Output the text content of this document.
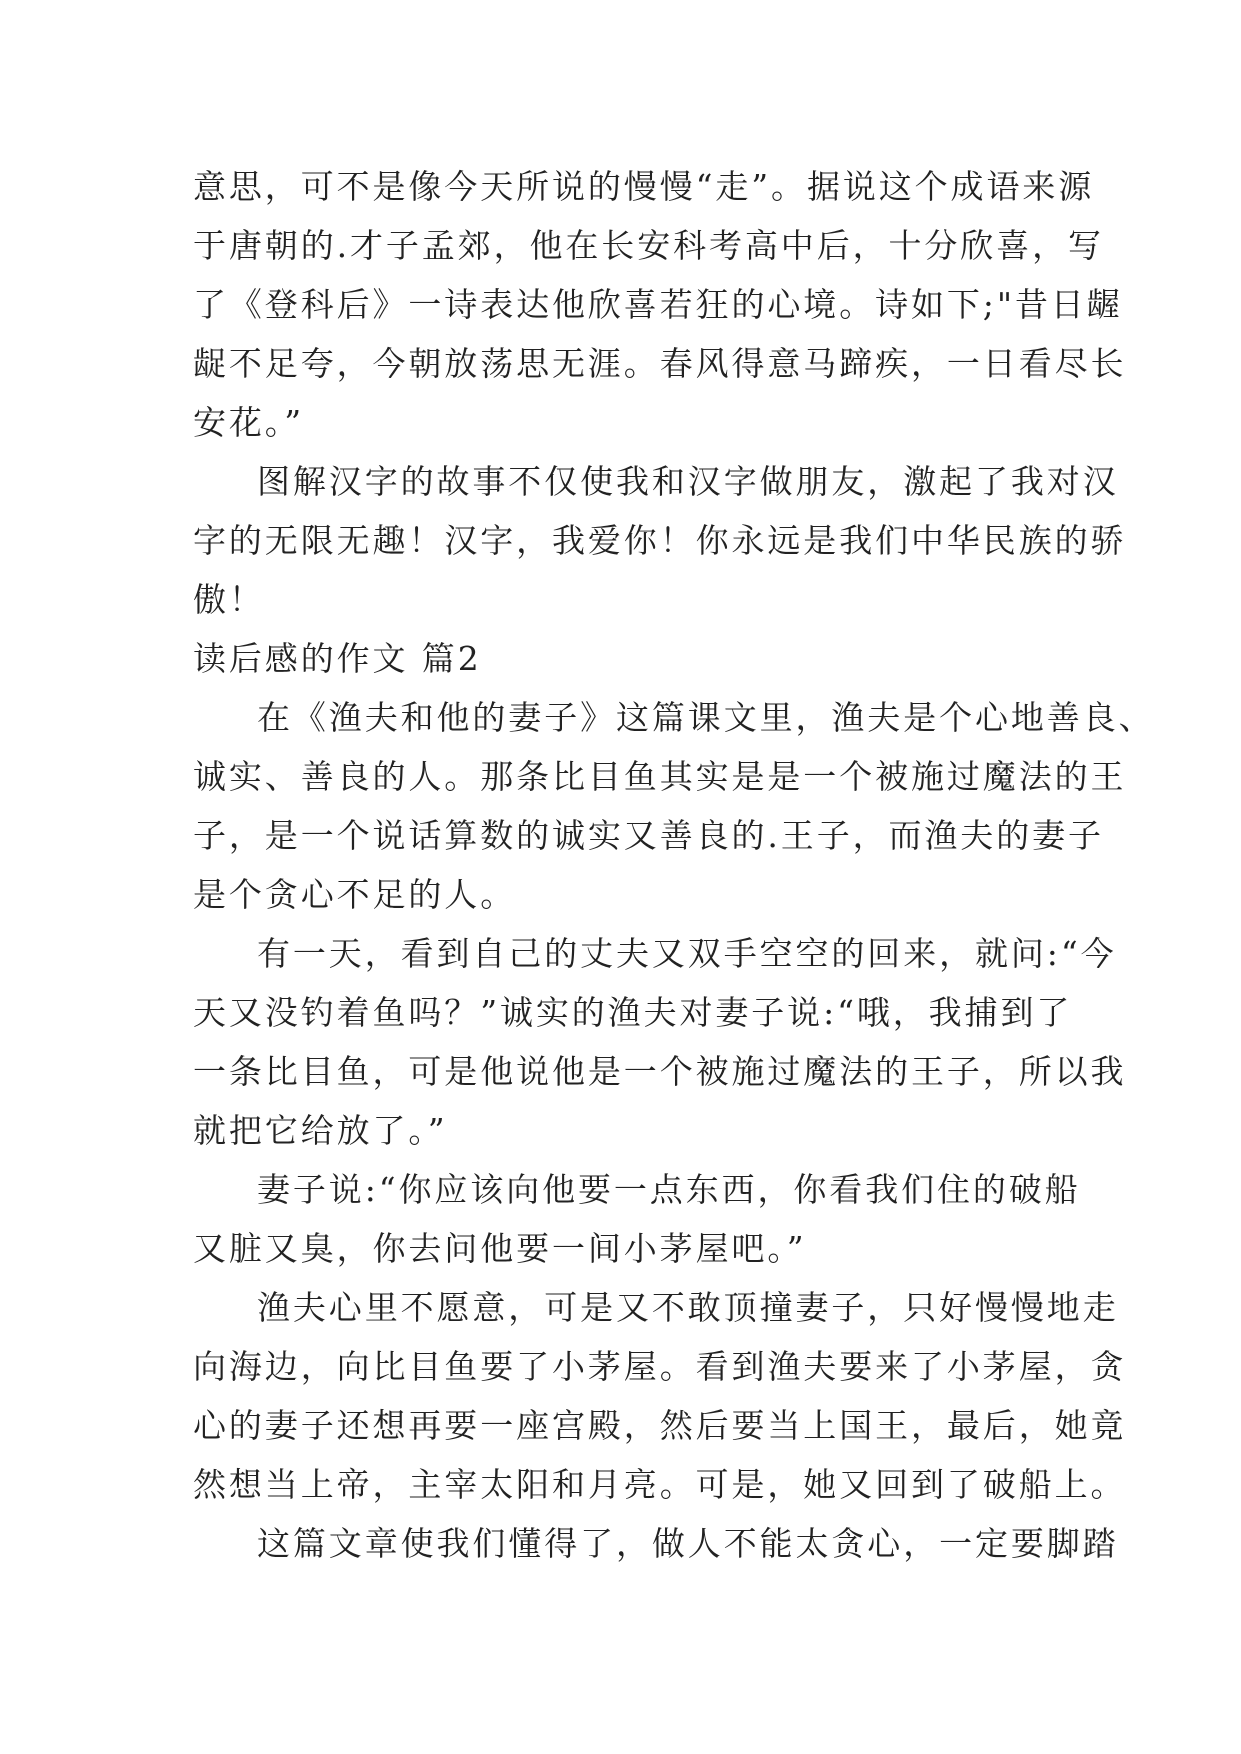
意思，可不是像今天所说的慢慢“走”。据说这个成语来源
于唐朝的.才子孟郊，他在长安科考高中后，十分欣喜，写
了《登科后》一诗表达他欣喜若狂的心境。诗如下;"昔日龌
龊不足夸，今朝放荡思无涯。春风得意马蹄疾，一日看尽长
安花。”
图解汉字的故事不仅使我和汉字做朋友，激起了我对汉
字的无限无趣！汉字，我爱你！你永远是我们中华民族的骄
傲！
读后感的作文 篇2
在《渔夫和他的妻子》这篇课文里，渔夫是个心地善良、
诚实、善良的人。那条比目鱼其实是是一个被施过魔法的王
子，是一个说话算数的诚实又善良的.王子，而渔夫的妻子
是个贪心不足的人。
有一天，看到自己的丈夫又双手空空的回来，就问:“今
天又没钓着鱼吗？”诚实的渔夫对妻子说:“哦，我捕到了
一条比目鱼，可是他说他是一个被施过魔法的王子，所以我
就把它给放了。”
妻子说:“你应该向他要一点东西，你看我们住的破船
又脏又臭，你去问他要一间小茅屋吧。”
渔夫心里不愿意，可是又不敢顶撞妻子，只好慢慢地走
向海边，向比目鱼要了小茅屋。看到渔夫要来了小茅屋，贪
心的妻子还想再要一座宫殿，然后要当上国王，最后，她竟
然想当上帝，主宰太阳和月亮。可是，她又回到了破船上。
这篇文章使我们懂得了，做人不能太贪心，一定要脚踏
